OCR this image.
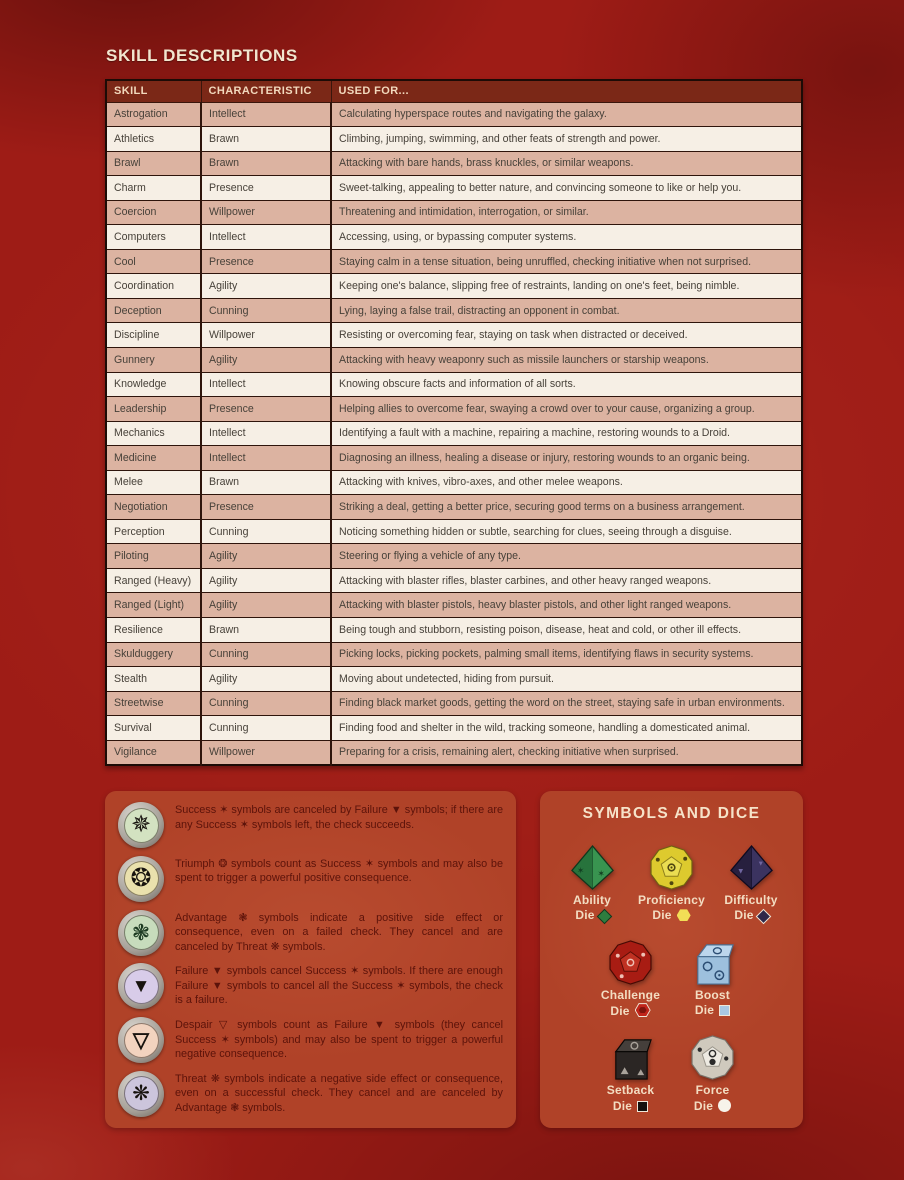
SKILL DESCRIPTIONS
SKILL	CHARACTERISTIC	USED FOR...
Astrogation	Intellect	Calculating hyperspace routes and navigating the galaxy.
Athletics	Brawn	Climbing, jumping, swimming, and other feats of strength and power.
Brawl	Brawn	Attacking with bare hands, brass knuckles, or similar weapons.
Charm	Presence	Sweet-talking, appealing to better nature, and convincing someone to like or help you.
Coercion	Willpower	Threatening and intimidation, interrogation, or similar.
Computers	Intellect	Accessing, using, or bypassing computer systems.
Cool	Presence	Staying calm in a tense situation, being unruffled, checking initiative when not surprised.
Coordination	Agility	Keeping one's balance, slipping free of restraints, landing on one's feet, being nimble.
Deception	Cunning	Lying, laying a false trail, distracting an opponent in combat.
Discipline	Willpower	Resisting or overcoming fear, staying on task when distracted or deceived.
Gunnery	Agility	Attacking with heavy weaponry such as missile launchers or starship weapons.
Knowledge	Intellect	Knowing obscure facts and information of all sorts.
Leadership	Presence	Helping allies to overcome fear, swaying a crowd over to your cause, organizing a group.
Mechanics	Intellect	Identifying a fault with a machine, repairing a machine, restoring wounds to a Droid.
Medicine	Intellect	Diagnosing an illness, healing a disease or injury, restoring wounds to an organic being.
Melee	Brawn	Attacking with knives, vibro-axes, and other melee weapons.
Negotiation	Presence	Striking a deal, getting a better price, securing good terms on a business arrangement.
Perception	Cunning	Noticing something hidden or subtle, searching for clues, seeing through a disguise.
Piloting	Agility	Steering or flying a vehicle of any type.
Ranged (Heavy)	Agility	Attacking with blaster rifles, blaster carbines, and other heavy ranged weapons.
Ranged (Light)	Agility	Attacking with blaster pistols, heavy blaster pistols, and other light ranged weapons.
Resilience	Brawn	Being tough and stubborn, resisting poison, disease, heat and cold, or other ill effects.
Skulduggery	Cunning	Picking locks, picking pockets, palming small items, identifying flaws in security systems.
Stealth	Agility	Moving about undetected, hiding from pursuit.
Streetwise	Cunning	Finding black market goods, getting the word on the street, staying safe in urban environments.
Survival	Cunning	Finding food and shelter in the wild, tracking someone, handling a domesticated animal.
Vigilance	Willpower	Preparing for a crisis, remaining alert, checking initiative when surprised.
✵

Success ✶ symbols are canceled by Failure ▼ symbols; if there are any Success ✶ symbols left, the check succeeds.

❂

Triumph ❂ symbols count as Success ✶ symbols and may also be spent to trigger a powerful positive consequence.

❃

Advantage ❃ symbols indicate a positive side effect or consequence, even on a failed check. They cancel and are canceled by Threat ❋ symbols.

▼

Failure ▼ symbols cancel Success ✶ symbols. If there are enough Failure ▼ symbols to cancel all the Success ✶ symbols, the check is a failure.

▽

Despair ▽ symbols count as Failure ▼ symbols (they cancel Success ✶ symbols) and may also be spent to trigger a powerful negative consequence.

❋

Threat ❋ symbols indicate a negative side effect or consequence, even on a successful check. They cancel and are canceled by Advantage ❃ symbols.

SYMBOLS AND DICE
✶ ✶
Ability
Die
Proficiency
Die
▼
▼
Difficulty
Die
Challenge
Die
Boost
Die
Setback
Die
Force
Die
